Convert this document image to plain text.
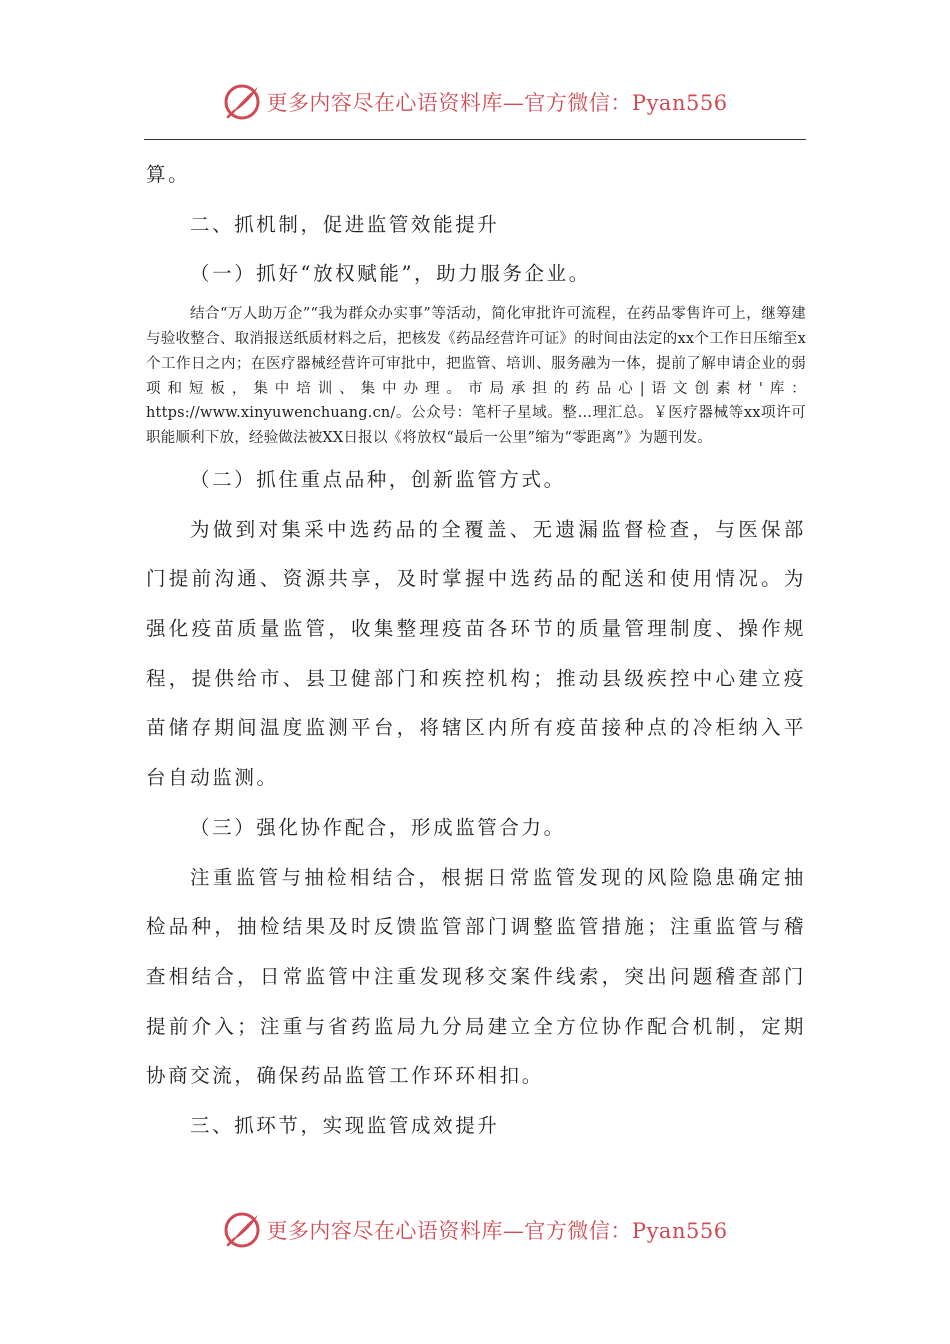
更多内容尽在心语资料库—官方微信：Pyan556

算。

二、抓机制，促进监管效能提升

（一）抓好“放权赋能”，助力服务企业。

结合“万人助万企”“我为群众办实事”等活动，简化审批许可流程，在药品零售许可上，继筹建与验收整合、取消报送纸质材料之后，把核发《药品经营许可证》的时间由法定的xx个工作日压缩至x个工作日之内；在医疗器械经营许可审批中，把监管、培训、服务融为一体，提前了解申请企业的弱项和短板，集中培训、集中办理。市局承担的药品心|语文创素材'库：https://www.xinyuwenchuang.cn/。公众号：笔杆子星域。整…理汇总。￥医疗器械等xx项许可职能顺利下放，经验做法被XX日报以《将放权“最后一公里”缩为“零距离”》为题刊发。

（二）抓住重点品种，创新监管方式。

为做到对集采中选药品的全覆盖、无遗漏监督检查，与医保部门提前沟通、资源共享，及时掌握中选药品的配送和使用情况。为强化疫苗质量监管，收集整理疫苗各环节的质量管理制度、操作规程，提供给市、县卫健部门和疾控机构；推动县级疾控中心建立疫苗储存期间温度监测平台，将辖区内所有疫苗接种点的冷柜纳入平台自动监测。

（三）强化协作配合，形成监管合力。

注重监管与抽检相结合，根据日常监管发现的风险隐患确定抽检品种，抽检结果及时反馈监管部门调整监管措施；注重监管与稽查相结合，日常监管中注重发现移交案件线索，突出问题稽查部门提前介入；注重与省药监局九分局建立全方位协作配合机制，定期协商交流，确保药品监管工作环环相扣。

三、抓环节，实现监管成效提升

更多内容尽在心语资料库—官方微信：Pyan556
